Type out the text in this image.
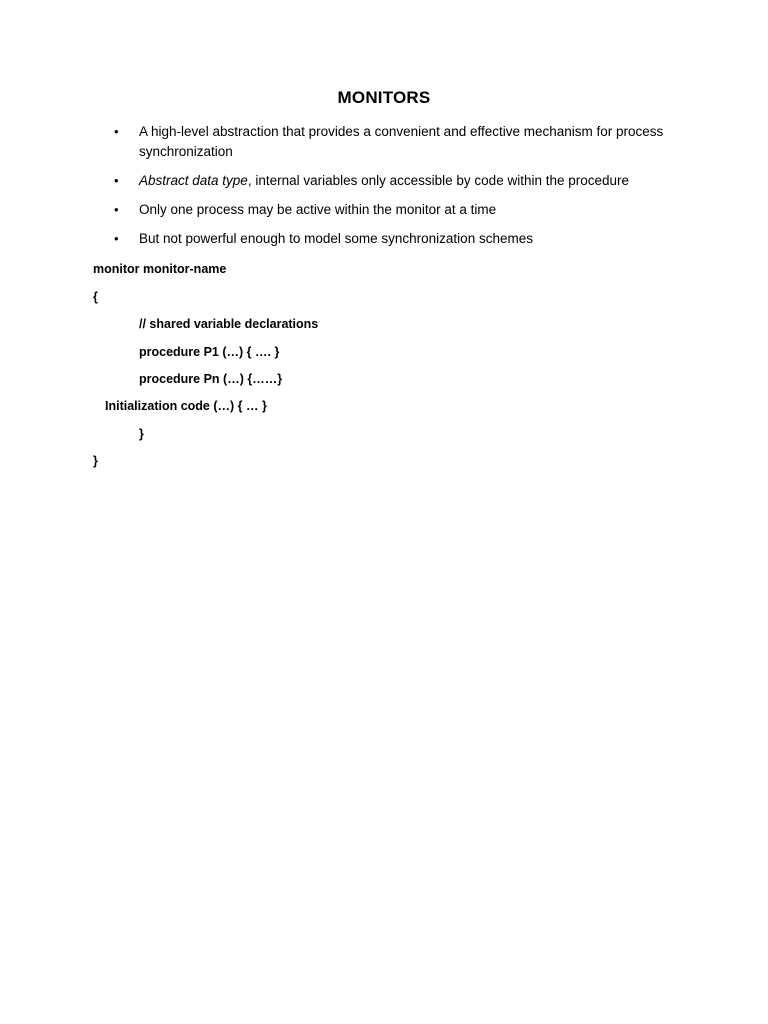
MONITORS
• A high-level abstraction that provides a convenient and effective mechanism for process synchronization
• Abstract data type, internal variables only accessible by code within the procedure
• Only one process may be active within the monitor at a time
• But not powerful enough to model some synchronization schemes
monitor monitor-name
{
// shared variable declarations
procedure P1 (…) { …. }
procedure Pn (…) {……}
Initialization code (…) { … }
}
}
